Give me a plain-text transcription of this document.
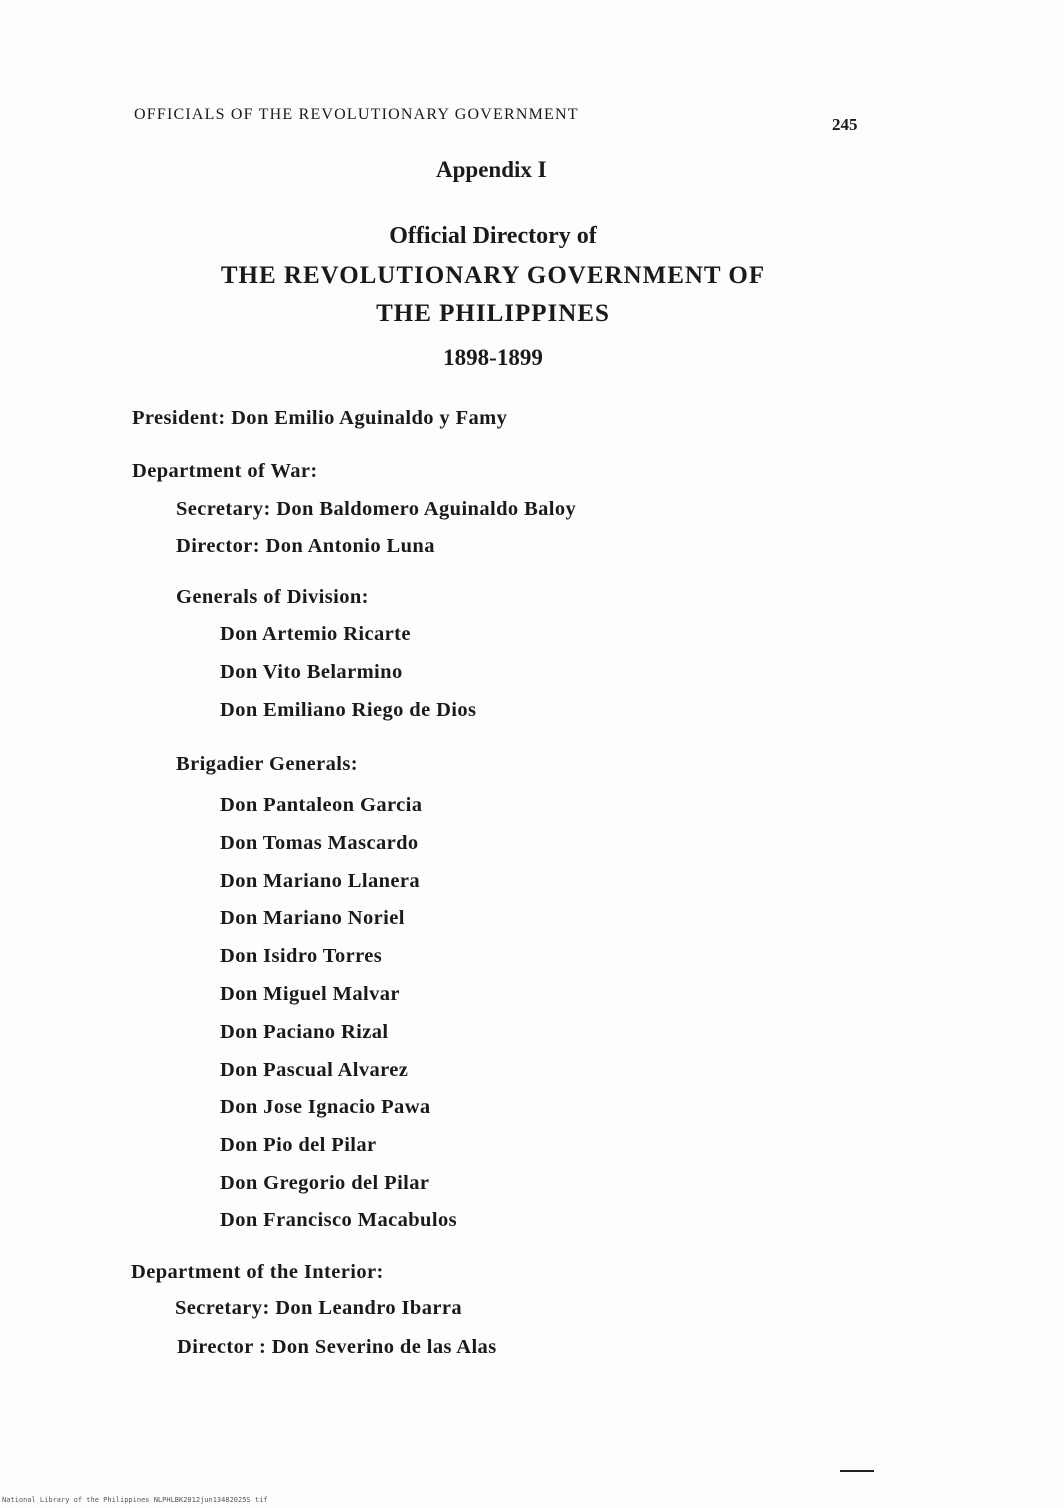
OFFICIALS OF THE REVOLUTIONARY GOVERNMENT
245
Appendix I
Official Directory of
THE REVOLUTIONARY GOVERNMENT OF
THE PHILIPPINES
1898-1899
President: Don Emilio Aguinaldo y Famy
Department of War:
Secretary: Don Baldomero Aguinaldo Baloy
Director: Don Antonio Luna
Generals of Division:
Don Artemio Ricarte
Don Vito Belarmino
Don Emiliano Riego de Dios
Brigadier Generals:
Don Pantaleon Garcia
Don Tomas Mascardo
Don Mariano Llanera
Don Mariano Noriel
Don Isidro Torres
Don Miguel Malvar
Don Paciano Rizal
Don Pascual Alvarez
Don Jose Ignacio Pawa
Don Pio del Pilar
Don Gregorio del Pilar
Don Francisco Macabulos
Department of the Interior:
Secretary: Don Leandro Ibarra
Director : Don Severino de las Alas
National Library of the Philippines NLPHLBK2012jun13482025S tif
